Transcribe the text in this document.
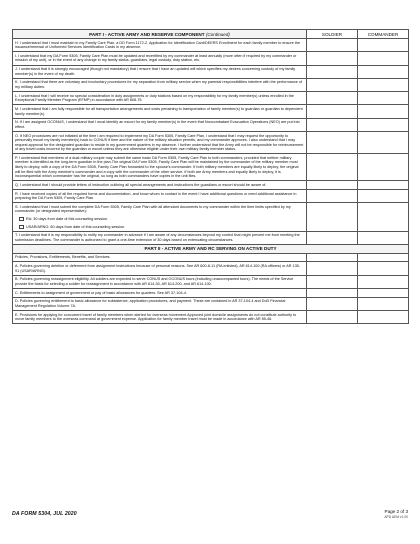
PART I - ACTIVE ARMY AND RESERVE COMPONENT (Continued)	SOLDIER	COMMANDER

H. I understand that I must maintain in my Family Care Plan, a DD Form 1172-2, Application for Identification Card/DEERS Enrollment for each family member to ensure the issuance/renewal of Uniformed Services Identification Cards in my absence.		

I. I understand that my DA Form 5305, Family Care Plan must be updated and recertified by my commander at least annually (more often if required by my commander or mission of my unit), or in the event of any change in my family status, guardians, legal custody, duty station, etc.		

J. I understand that it is strongly encouraged (though not mandatory) that I ensure that I have an updated will which specifies my desires concerning custody of my family member(s) in the event of my death.		

K. I understand that there are voluntary and involuntary procedures for my separation from military service when my parental responsibilities interfere with the performance of my military duties.		

L. I understand that I will receive no special consideration in duty assignments or duty stations based on my responsibility for my family member(s) unless enrolled in the Exceptional Family Member Program (EFMP) in accordance with AR 608-75.		

M. I understand that I am fully responsible for all transportation arrangements and costs pertaining to transportation of family member(s) to guardian or guardian to dependent family member(s).		

N. If I am assigned OCONUS, I understand that I must identify an escort for my family member(s) in the event that Noncombatant Evacuation Operations (NEO) are put into effect.		

O. If NEO procedures are not initiated at the time I am required to implement my DA Form 5305, Family Care Plan, I understand that I may request the opportunity to personally escort my family member(s) back to CONUS if time and the nature of the military situation permits, and my commander approves. I also understand that I may request approval for the designated guardian to reside in my government quarters in my absence. I further understand that the Army will not be responsible for reimbursement of any travel costs incurred by the guardian or escort unless they are otherwise eligible under their own military family member status.		

P. I understand that members of a dual-military couple may submit the same basic DA Form 5305, Family Care Plan to both commanders, provided that neither military member is identified as the long-term guardian in the plan.The original DA Form 5305, Family Care Plan will be maintained by the commander of the military member most likely to deploy, with a copy of the DA Form 5305, Family Care Plan forwarded to the spouse's commander. If both military members are equally likely to deploy, the original will be filed with the Army member's commander and a copy with the commander of the other service. If both are Army members and equally likely to deploy, it is inconsequential which commander has the original, so long as both commanders have copies in the unit files.		

Q. I understand that I should provide letters of instruction outlining all special arrangements and instructions the guardians or escort should be aware of.		

R. I have received copies of all the required forms and documentation, and know whom to contact in the event I have additional questions or need additional assistance in preparing the DA Form 5305, Family Care Plan.		

S. I understand that I must submit the complete DA Form 5305, Family Care Plan with all attendant documents to my commander within the time limits specified by my commander (or designated representative):

RA: 30 days from date of this counseling session.
USAR/ARNG: 60 days from date of this counseling session.		

T. I understand that it is my responsibility to notify my commander in advance if I am aware of any circumstances beyond my control that might prevent me from meeting the submission deadlines. The commander is authorized to grant a one-time extension of 30 days based on extenuating circumstances.		

PART II - ACTIVE ARMY AND RC SERVING ON ACTIVE DUTY		

Policies, Provisions, Entitlements, Benefits, and Services:		

A. Policies governing deletion or deferment from assignment instructions because of personal reasons. See AR 600-8-11 (RA enlisted), AR 614-100 (RA officers) or AR 135-91 (USAR/ARNG).		

B. Policies governing reassignment eligibility. All soldiers are expected to serve CONUS and OCONUS tours (including unaccompanied tours). The needs of the Service provide the basis for selecting a soldier for reassignment in accordance with AR 614-30, AR 614-200, and AR 614-100.		

C. Entitlements to assignment of government or pay of basic allowances for quarters. See AR 37-104-4.		

D. Policies governing entitlement to basic allowance for subsistence, application procedures, and payment. These are contained in AR 37-104-4 and DoD Financial Management Regulation Volume 7A.		

E. Provisions for applying for concurrent travel of family members when alerted for overseas movement.Approved joint domicile assignments do not constitute authority to move family members to the overseas command at government expense. Application for family member travel must be made in accordance with AR 55-46.		

DA FORM 5304, JUL 2020	Page 2 of 3
APD AEM v1.00
